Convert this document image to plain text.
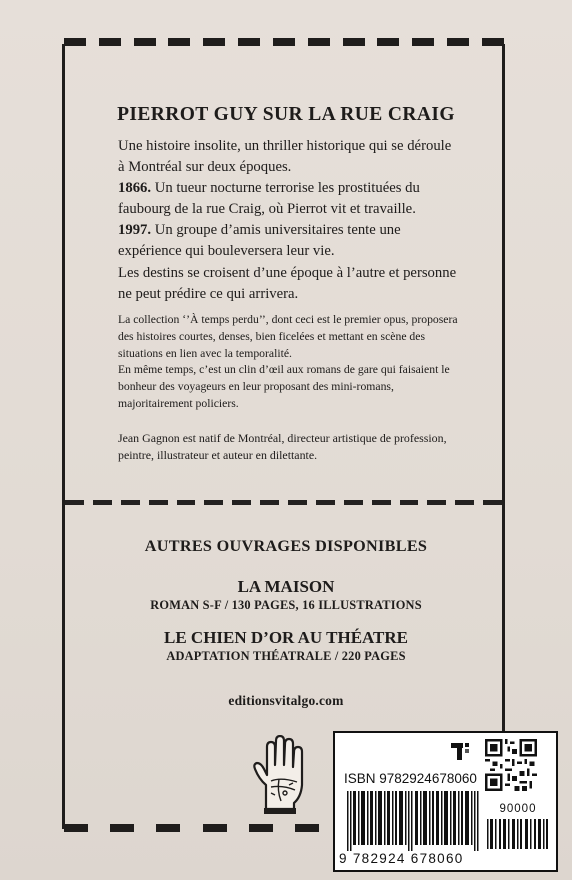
PIERROT GUY SUR LA RUE CRAIG

Une histoire insolite, un thriller historique qui se déroule à Montréal sur deux époques.

1866. Un tueur nocturne terrorise les prostituées du faubourg de la rue Craig, où Pierrot vit et travaille.

1997. Un groupe d’amis universitaires tente une expérience qui bouleversera leur vie.

Les destins se croisent d’une époque à l’autre et personne ne peut prédire ce qui arrivera.

La collection ‘’À temps perdu’’, dont ceci est le premier opus, proposera des histoires courtes, denses, bien ficelées et mettant en scène des situations en lien avec la temporalité.

En même temps, c’est un clin d’œil aux romans de gare qui faisaient le bonheur des voyageurs en leur proposant des mini-romans, majoritairement policiers.

Jean Gagnon est natif de Montréal, directeur artistique de profession, peintre, illustrateur et auteur en dilettante.

AUTRES OUVRAGES DISPONIBLES
LA MAISON
ROMAN S-F / 130 PAGES, 16 ILLUSTRATIONS
LE CHIEN D’OR AU THÉATRE
ADAPTATION THÉATRALE / 220 PAGES
editionsvitalgo.com
ISBN 9782924678060
90000
9 782924 678060
